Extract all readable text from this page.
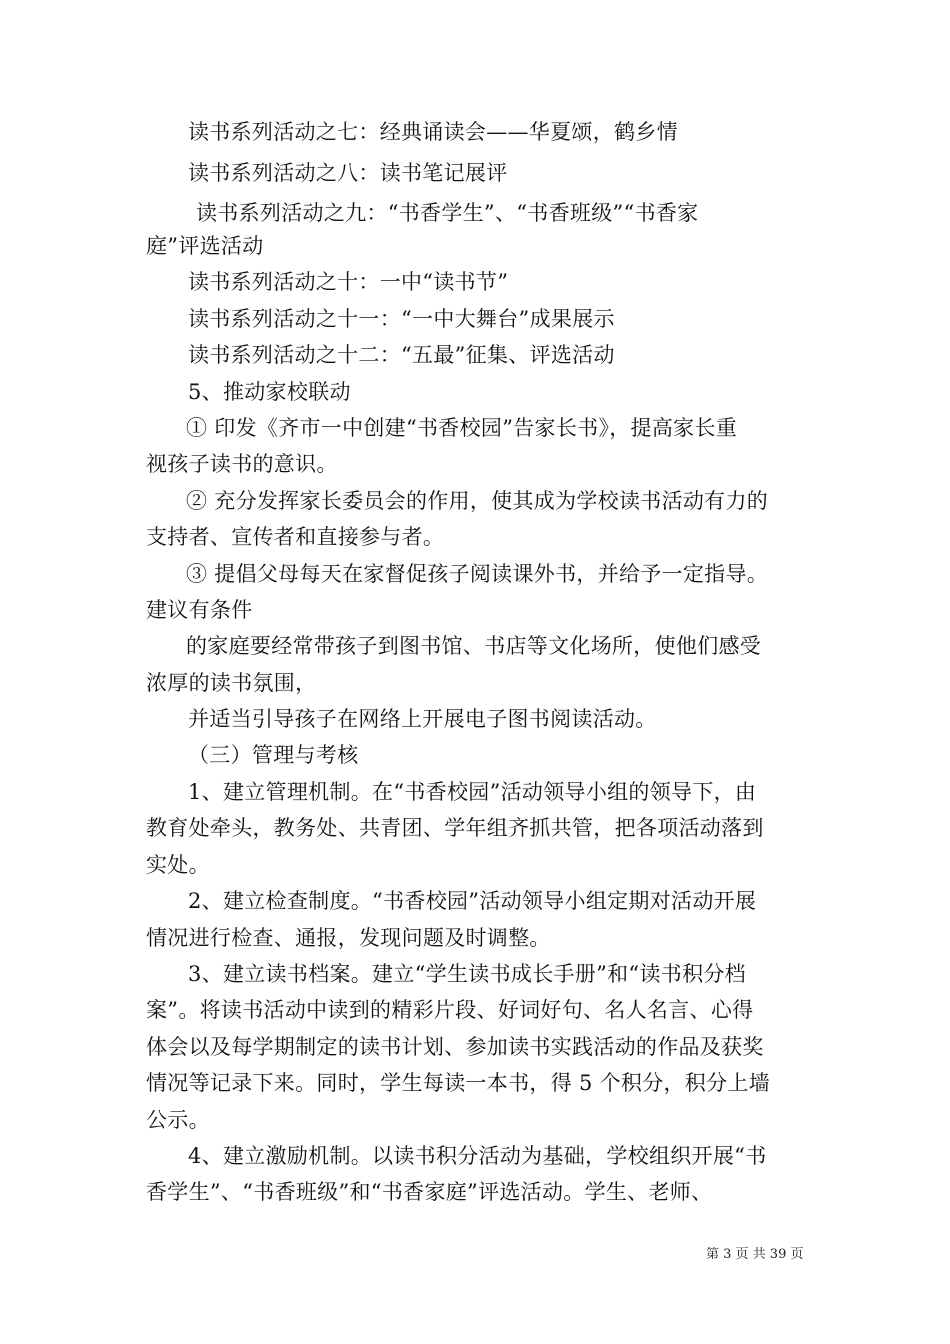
读书系列活动之七：经典诵读会——华夏颂，鹤乡情
读书系列活动之八：读书笔记展评
读书系列活动之九：“书香学生”、“书香班级”“书香家
庭”评选活动
读书系列活动之十：一中“读书节”
读书系列活动之十一：“一中大舞台”成果展示
读书系列活动之十二：“五最”征集、评选活动
5、推动家校联动
① 印发《齐市一中创建“书香校园”告家长书》，提高家长重
视孩子读书的意识。
② 充分发挥家长委员会的作用，使其成为学校读书活动有力的
支持者、宣传者和直接参与者。
③ 提倡父母每天在家督促孩子阅读课外书，并给予一定指导。
建议有条件
的家庭要经常带孩子到图书馆、书店等文化场所，使他们感受
浓厚的读书氛围，
并适当引导孩子在网络上开展电子图书阅读活动。
（三）管理与考核
1、建立管理机制。在“书香校园”活动领导小组的领导下，由
教育处牵头，教务处、共青团、学年组齐抓共管，把各项活动落到
实处。
2、建立检查制度。“书香校园”活动领导小组定期对活动开展
情况进行检查、通报，发现问题及时调整。
3、建立读书档案。建立“学生读书成长手册”和“读书积分档
案”。将读书活动中读到的精彩片段、好词好句、名人名言、心得
体会以及每学期制定的读书计划、参加读书实践活动的作品及获奖
情况等记录下来。同时，学生每读一本书，得 5 个积分，积分上墙
公示。
4、建立激励机制。以读书积分活动为基础，学校组织开展“书
香学生”、“书香班级”和“书香家庭”评选活动。学生、老师、
第 3 页 共 39 页
